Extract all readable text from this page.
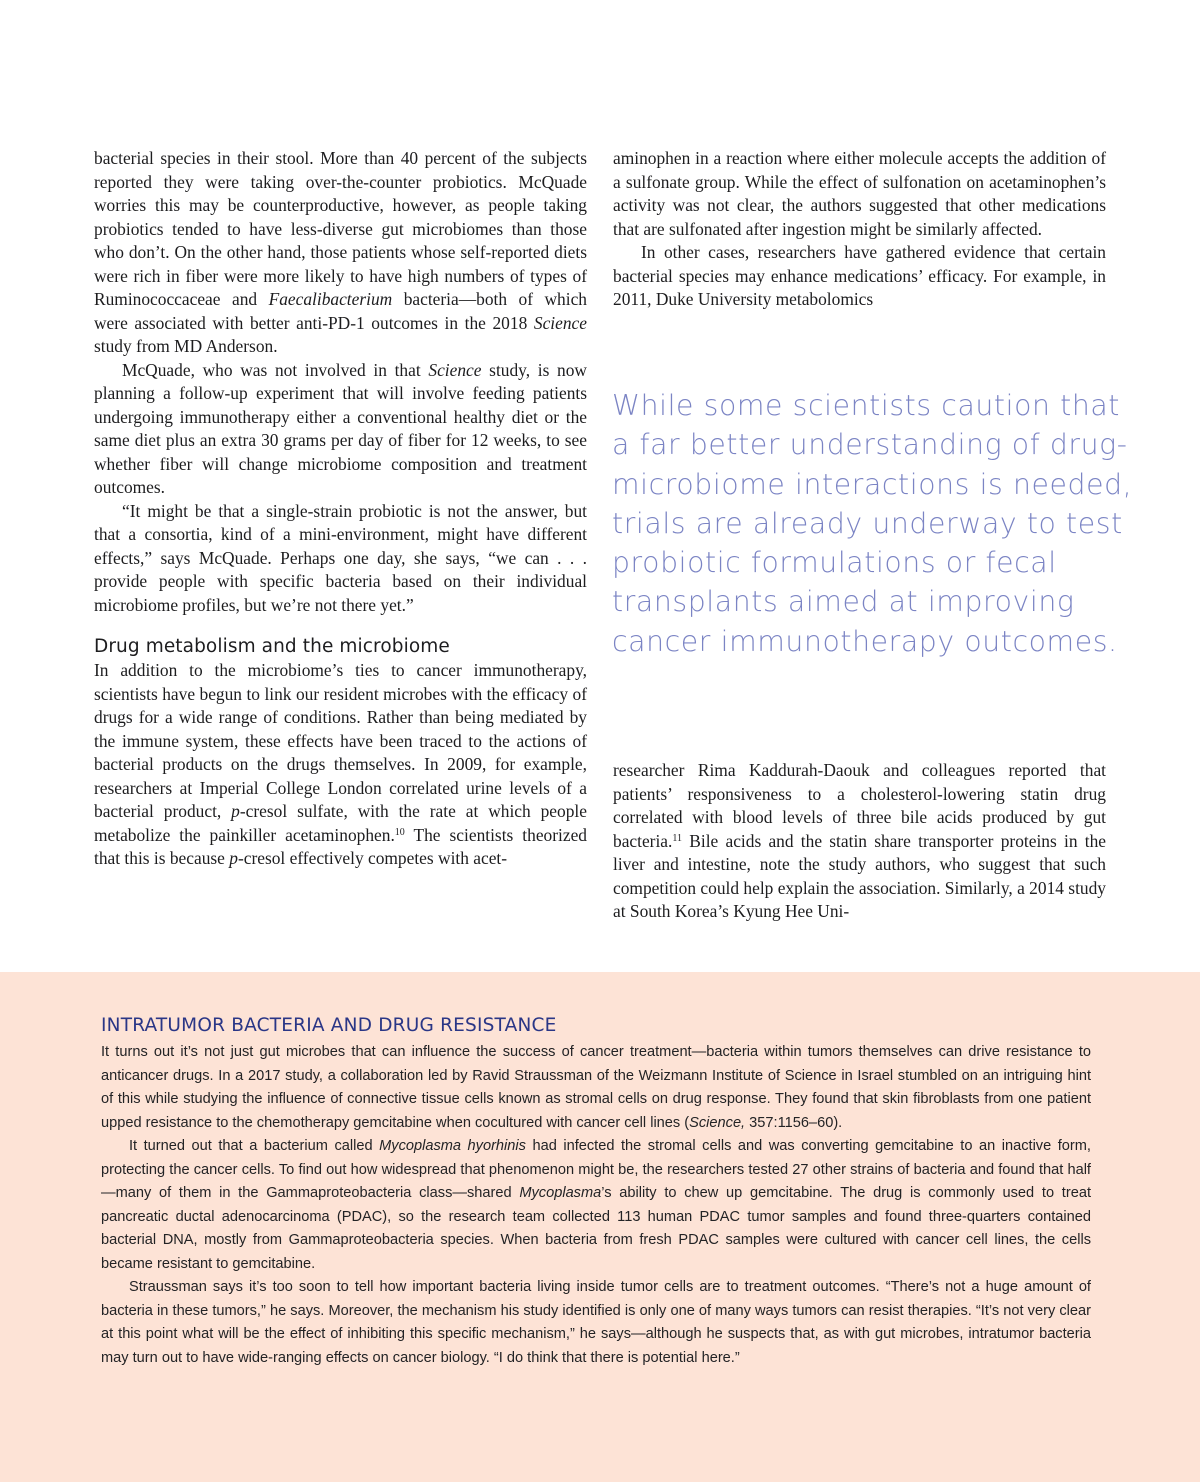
bacterial species in their stool. More than 40 percent of the subjects reported they were taking over-the-counter probiotics. McQuade worries this may be counterproductive, however, as people taking probiotics tended to have less-diverse gut microbiomes than those who don’t. On the other hand, those patients whose self-reported diets were rich in fiber were more likely to have high numbers of types of Ruminococcaceae and Faecalibacterium bacteria—both of which were associated with better anti-PD-1 outcomes in the 2018 Science study from MD Anderson.

McQuade, who was not involved in that Science study, is now planning a follow-up experiment that will involve feeding patients undergoing immunotherapy either a conventional healthy diet or the same diet plus an extra 30 grams per day of fiber for 12 weeks, to see whether fiber will change microbiome composition and treatment outcomes.

“It might be that a single-strain probiotic is not the answer, but that a consortia, kind of a mini-environment, might have different effects,” says McQuade. Perhaps one day, she says, “we can . . . provide people with specific bacteria based on their individual microbiome profiles, but we’re not there yet.”

Drug metabolism and the microbiome

In addition to the microbiome’s ties to cancer immunotherapy, scientists have begun to link our resident microbes with the efficacy of drugs for a wide range of conditions. Rather than being mediated by the immune system, these effects have been traced to the actions of bacterial products on the drugs themselves. In 2009, for example, researchers at Imperial College London correlated urine levels of a bacterial product, p-cresol sulfate, with the rate at which people metabolize the painkiller acetaminophen.$^{10}$ The scientists theorized that this is because p-cresol effectively competes with acet-

aminophen in a reaction where either molecule accepts the addition of a sulfonate group. While the effect of sulfonation on acetaminophen’s activity was not clear, the authors suggested that other medications that are sulfonated after ingestion might be similarly affected.

In other cases, researchers have gathered evidence that certain bacterial species may enhance medications’ efficacy. For example, in 2011, Duke University metabolomics

While some scientists caution that a far better understanding of drug-microbiome interactions is needed, trials are already underway to test probiotic formulations or fecal transplants aimed at improving cancer immunotherapy outcomes.

researcher Rima Kaddurah-Daouk and colleagues reported that patients’ responsiveness to a cholesterol-lowering statin drug correlated with blood levels of three bile acids produced by gut bacteria.$^{11}$ Bile acids and the statin share transporter proteins in the liver and intestine, note the study authors, who suggest that such competition could help explain the association. Similarly, a 2014 study at South Korea’s Kyung Hee Uni-

INTRATUMOR BACTERIA AND DRUG RESISTANCE

It turns out it’s not just gut microbes that can influence the success of cancer treatment—bacteria within tumors themselves can drive resistance to anticancer drugs. In a 2017 study, a collaboration led by Ravid Straussman of the Weizmann Institute of Science in Israel stumbled on an intriguing hint of this while studying the influence of connective tissue cells known as stromal cells on drug response. They found that skin fibroblasts from one patient upped resistance to the chemotherapy gemcitabine when cocultured with cancer cell lines (Science, 357:1156–60).

It turned out that a bacterium called Mycoplasma hyorhinis had infected the stromal cells and was converting gemcitabine to an inactive form, protecting the cancer cells. To find out how widespread that phenomenon might be, the researchers tested 27 other strains of bacteria and found that half—many of them in the Gammaproteobacteria class—shared Mycoplasma’s ability to chew up gemcitabine. The drug is commonly used to treat pancreatic ductal adenocarcinoma (PDAC), so the research team collected 113 human PDAC tumor samples and found three-quarters contained bacterial DNA, mostly from Gammaproteobacteria species. When bacteria from fresh PDAC samples were cultured with cancer cell lines, the cells became resistant to gemcitabine.

Straussman says it’s too soon to tell how important bacteria living inside tumor cells are to treatment outcomes. “There’s not a huge amount of bacteria in these tumors,” he says. Moreover, the mechanism his study identified is only one of many ways tumors can resist therapies. “It’s not very clear at this point what will be the effect of inhibiting this specific mechanism,” he says—although he suspects that, as with gut microbes, intratumor bacteria may turn out to have wide-ranging effects on cancer biology. “I do think that there is potential here.”
